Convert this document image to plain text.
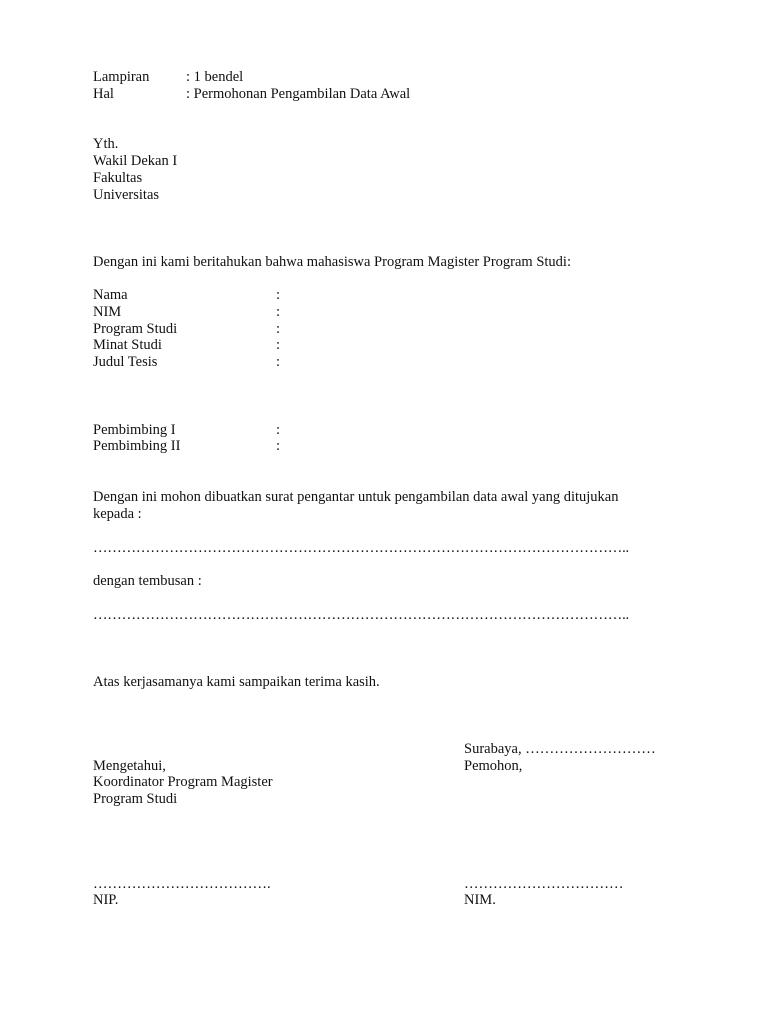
Lampiran	: 1 bendel
Hal	: Permohonan Pengambilan Data Awal
Yth.
Wakil Dekan I
Fakultas
Universitas
Dengan ini kami beritahukan bahwa mahasiswa Program Magister Program Studi:
Nama	:
NIM	:
Program Studi	:
Minat Studi	:
Judul Tesis	:
Pembimbing I	:
Pembimbing II	:
Dengan ini mohon dibuatkan surat pengantar untuk pengambilan data awal yang ditujukan
kepada :
…………………………………………………………………………………………………..
dengan tembusan :
…………………………………………………………………………………………………..
Atas kerjasamanya kami sampaikan terima kasih.
Surabaya, ………………………
Pemohon,
Mengetahui,
Koordinator Program Magister
Program Studi
……………………………….	……………………………
NIP.	NIM.
